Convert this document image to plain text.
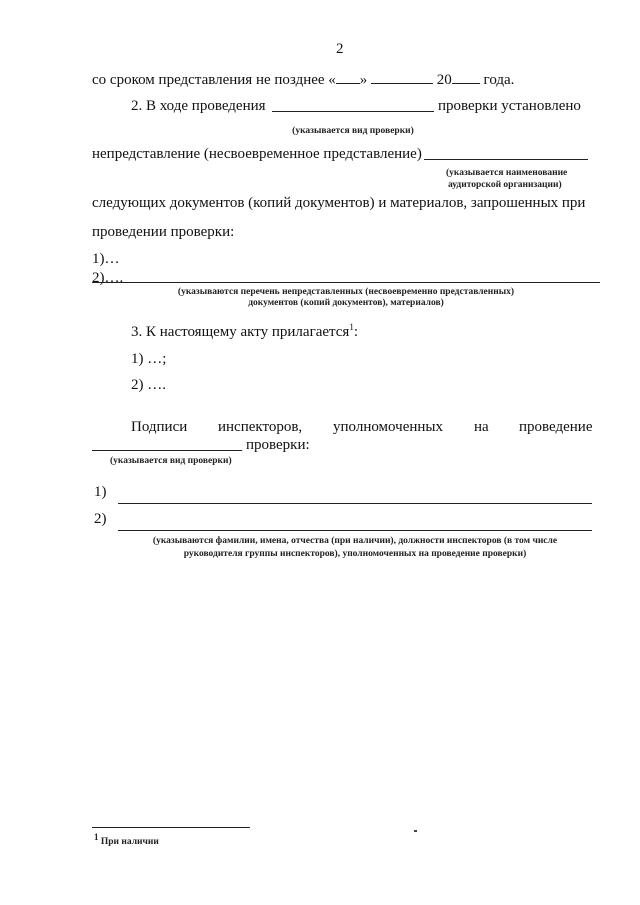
2
со сроком представления не позднее « »	20 года.
2. В ходе проведения	проверки установлено
(указывается вид проверки)
непредставление (несвоевременное представление)
(указывается наименование
аудиторской организации)
следующих документов (копий документов) и материалов, запрошенных при
проведении проверки:
1)…
2)….
(указываются перечень непредставленных (несвоевременно представленных)
документов (копий документов), материалов)
3. К настоящему акту прилагается$^1$:
1) …;
2) ….
Подписи инспекторов, уполномоченных на проведение
проверки:
(указывается вид проверки)
1)
2)
(указываются фамилии, имена, отчества (при наличии), должности инспекторов (в том числе
руководителя группы инспекторов), уполномоченных на проведение проверки)
$^1$ При наличии
